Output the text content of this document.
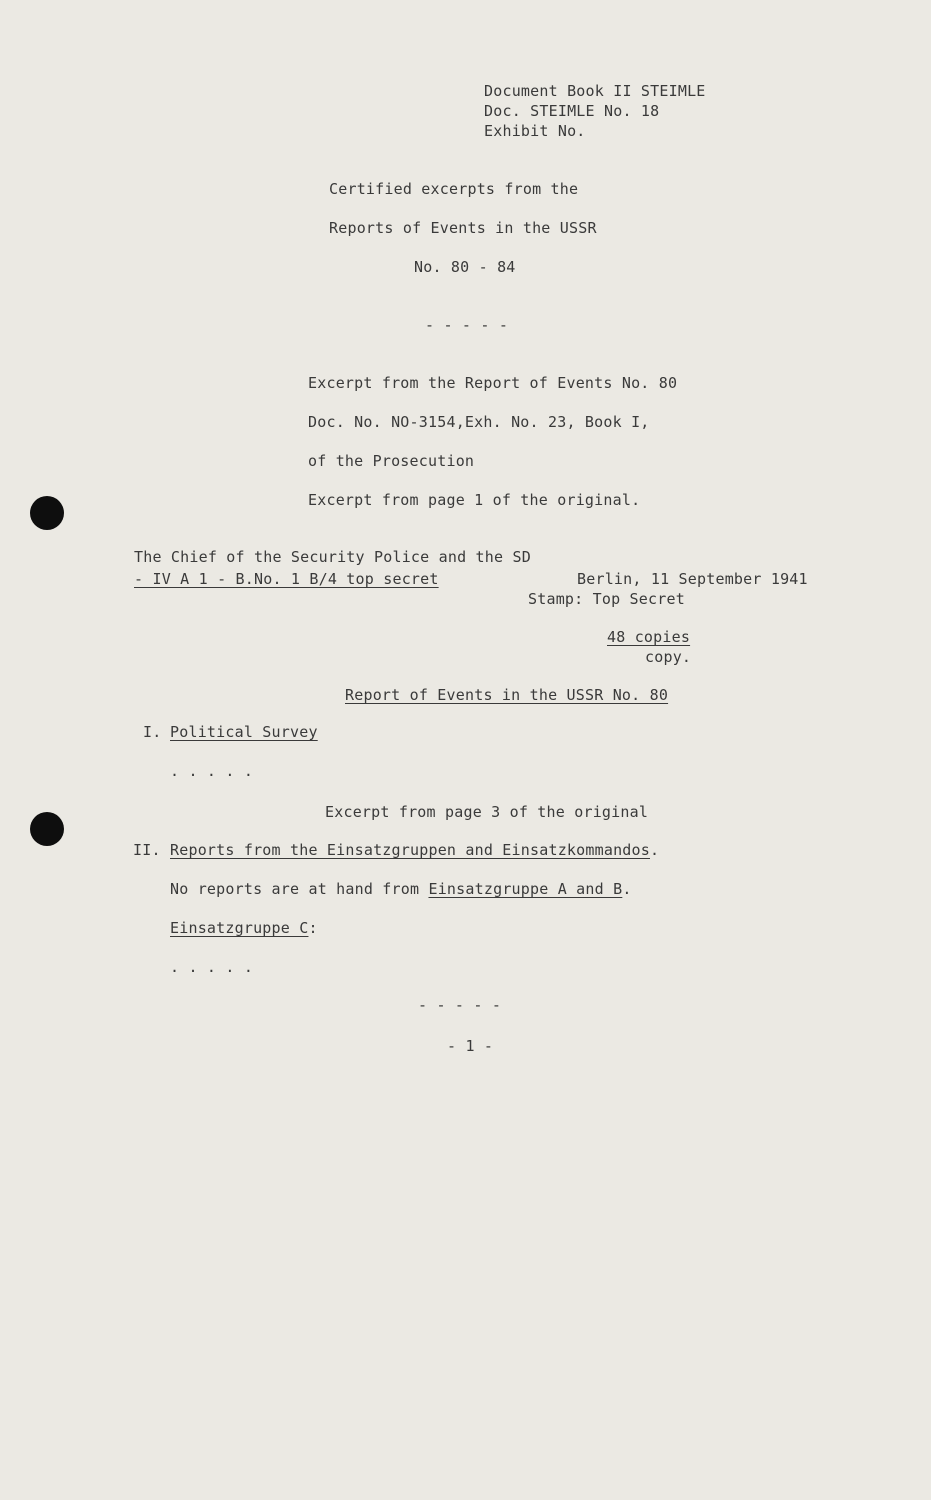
Document Book II STEIMLE
Doc. STEIMLE No. 18
Exhibit No.
Certified excerpts from the
Reports of Events in the USSR
No. 80 - 84
- - - - -
Excerpt from the Report of Events No. 80
Doc. No. NO-3154,Exh. No. 23, Book I,
of the Prosecution
Excerpt from page 1 of the original.
The Chief of the Security Police and the SD
- IV A 1 - B.No. 1 B/4 top secret	Berlin, 11 September 1941
Stamp: Top Secret
48 copies
copy.
Report of Events in the USSR No. 80
I. Political Survey
. . . . .
Excerpt from page 3 of the original
II. Reports from the Einsatzgruppen and Einsatzkommandos.
No reports are at hand from Einsatzgruppe A and B.
Einsatzgruppe C:
. . . . .
- - - - -
- 1 -
